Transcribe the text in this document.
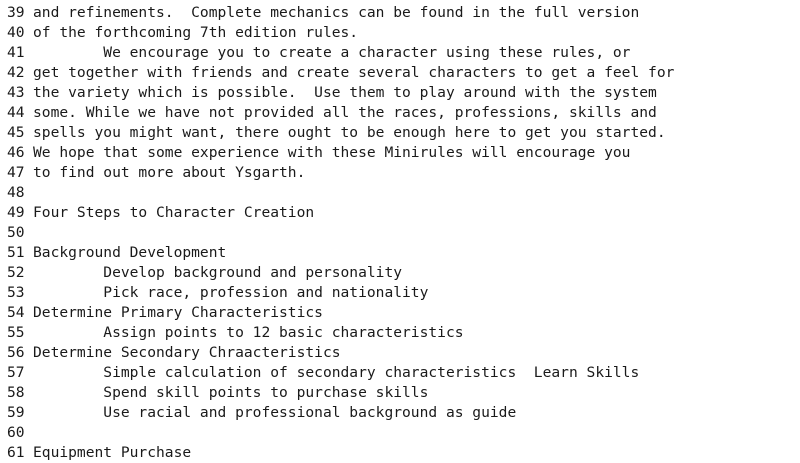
39 and refinements.  Complete mechanics can be found in the full version
40 of the forthcoming 7th edition rules.
41 We encourage you to create a character using these rules, or
42 get together with friends and create several characters to get a feel for
43 the variety which is possible.  Use them to play around with the system
44 some. While we have not provided all the races, professions, skills and
45 spells you might want, there ought to be enough here to get you started.
46 We hope that some experience with these Minirules will encourage you
47 to find out more about Ysgarth.
48
49 Four Steps to Character Creation
50
51 Background Development
52 Develop background and personality
53 Pick race, profession and nationality
54 Determine Primary Characteristics
55 Assign points to 12 basic characteristics
56 Determine Secondary Chraacteristics
57 Simple calculation of secondary characteristics  Learn Skills
58 Spend skill points to purchase skills
59 Use racial and professional background as guide
60
61 Equipment Purchase
